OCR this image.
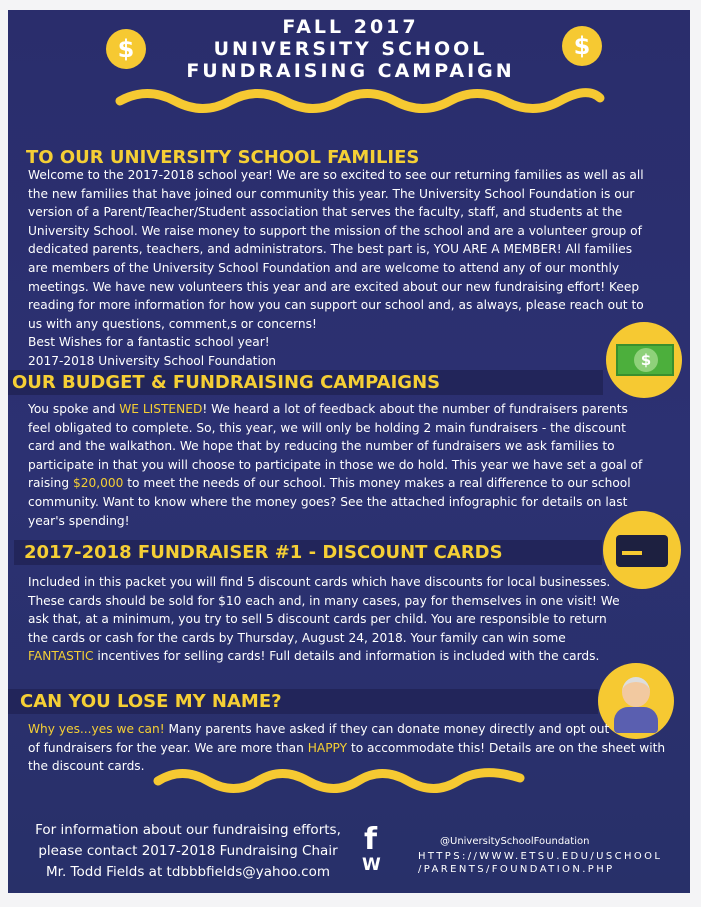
FALL 2017
UNIVERSITY SCHOOL
FUNDRAISING CAMPAIGN
$	$
TO OUR UNIVERSITY SCHOOL FAMILIES
Welcome to the 2017-2018 school year! We are so excited to see our returning families as well as all
the new families that have joined our community this year. The University School Foundation is our
version of a Parent/Teacher/Student association that serves the faculty, staff, and students at the
University School. We raise money to support the mission of the school and are a volunteer group of
dedicated parents, teachers, and administrators. The best part is, YOU ARE A MEMBER! All families
are members of the University School Foundation and are welcome to attend any of our monthly
meetings. We have new volunteers this year and are excited about our new fundraising effort! Keep
reading for more information for how you can support our school and, as always, please reach out to
us with any questions, comment,s or concerns!
Best Wishes for a fantastic school year!
2017-2018 University School Foundation	$
OUR BUDGET & FUNDRAISING CAMPAIGNS
You spoke and WE LISTENED! We heard a lot of feedback about the number of fundraisers parents
feel obligated to complete. So, this year, we will only be holding 2 main fundraisers - the discount
card and the walkathon. We hope that by reducing the number of fundraisers we ask families to
participate in that you will choose to participate in those we do hold. This year we have set a goal of
raising $20,000 to meet the needs of our school. This money makes a real difference to our school
community. Want to know where the money goes? See the attached infographic for details on last
year's spending!
2017-2018 FUNDRAISER #1 - DISCOUNT CARDS
Included in this packet you will find 5 discount cards which have discounts for local businesses.
These cards should be sold for $10 each and, in many cases, pay for themselves in one visit! We
ask that, at a minimum, you try to sell 5 discount cards per child. You are responsible to return
the cards or cash for the cards by Thursday, August 24, 2018. Your family can win some
FANTASTIC incentives for selling cards! Full details and information is included with the cards.
CAN YOU LOSE MY NAME?
Why yes...yes we can! Many parents have asked if they can donate money directly and opt out
of fundraisers for the year. We are more than HAPPY to accommodate this! Details are on the sheet with
the discount cards.
For information about our fundraising efforts,
please contact 2017-2018 Fundraising Chair
Mr. Todd Fields at tdbbbfields@yahoo.com
f
W
@UniversitySchoolFoundation
HTTPS://WWW.ETSU.EDU/USCHOOL
/PARENTS/FOUNDATION.PHP
